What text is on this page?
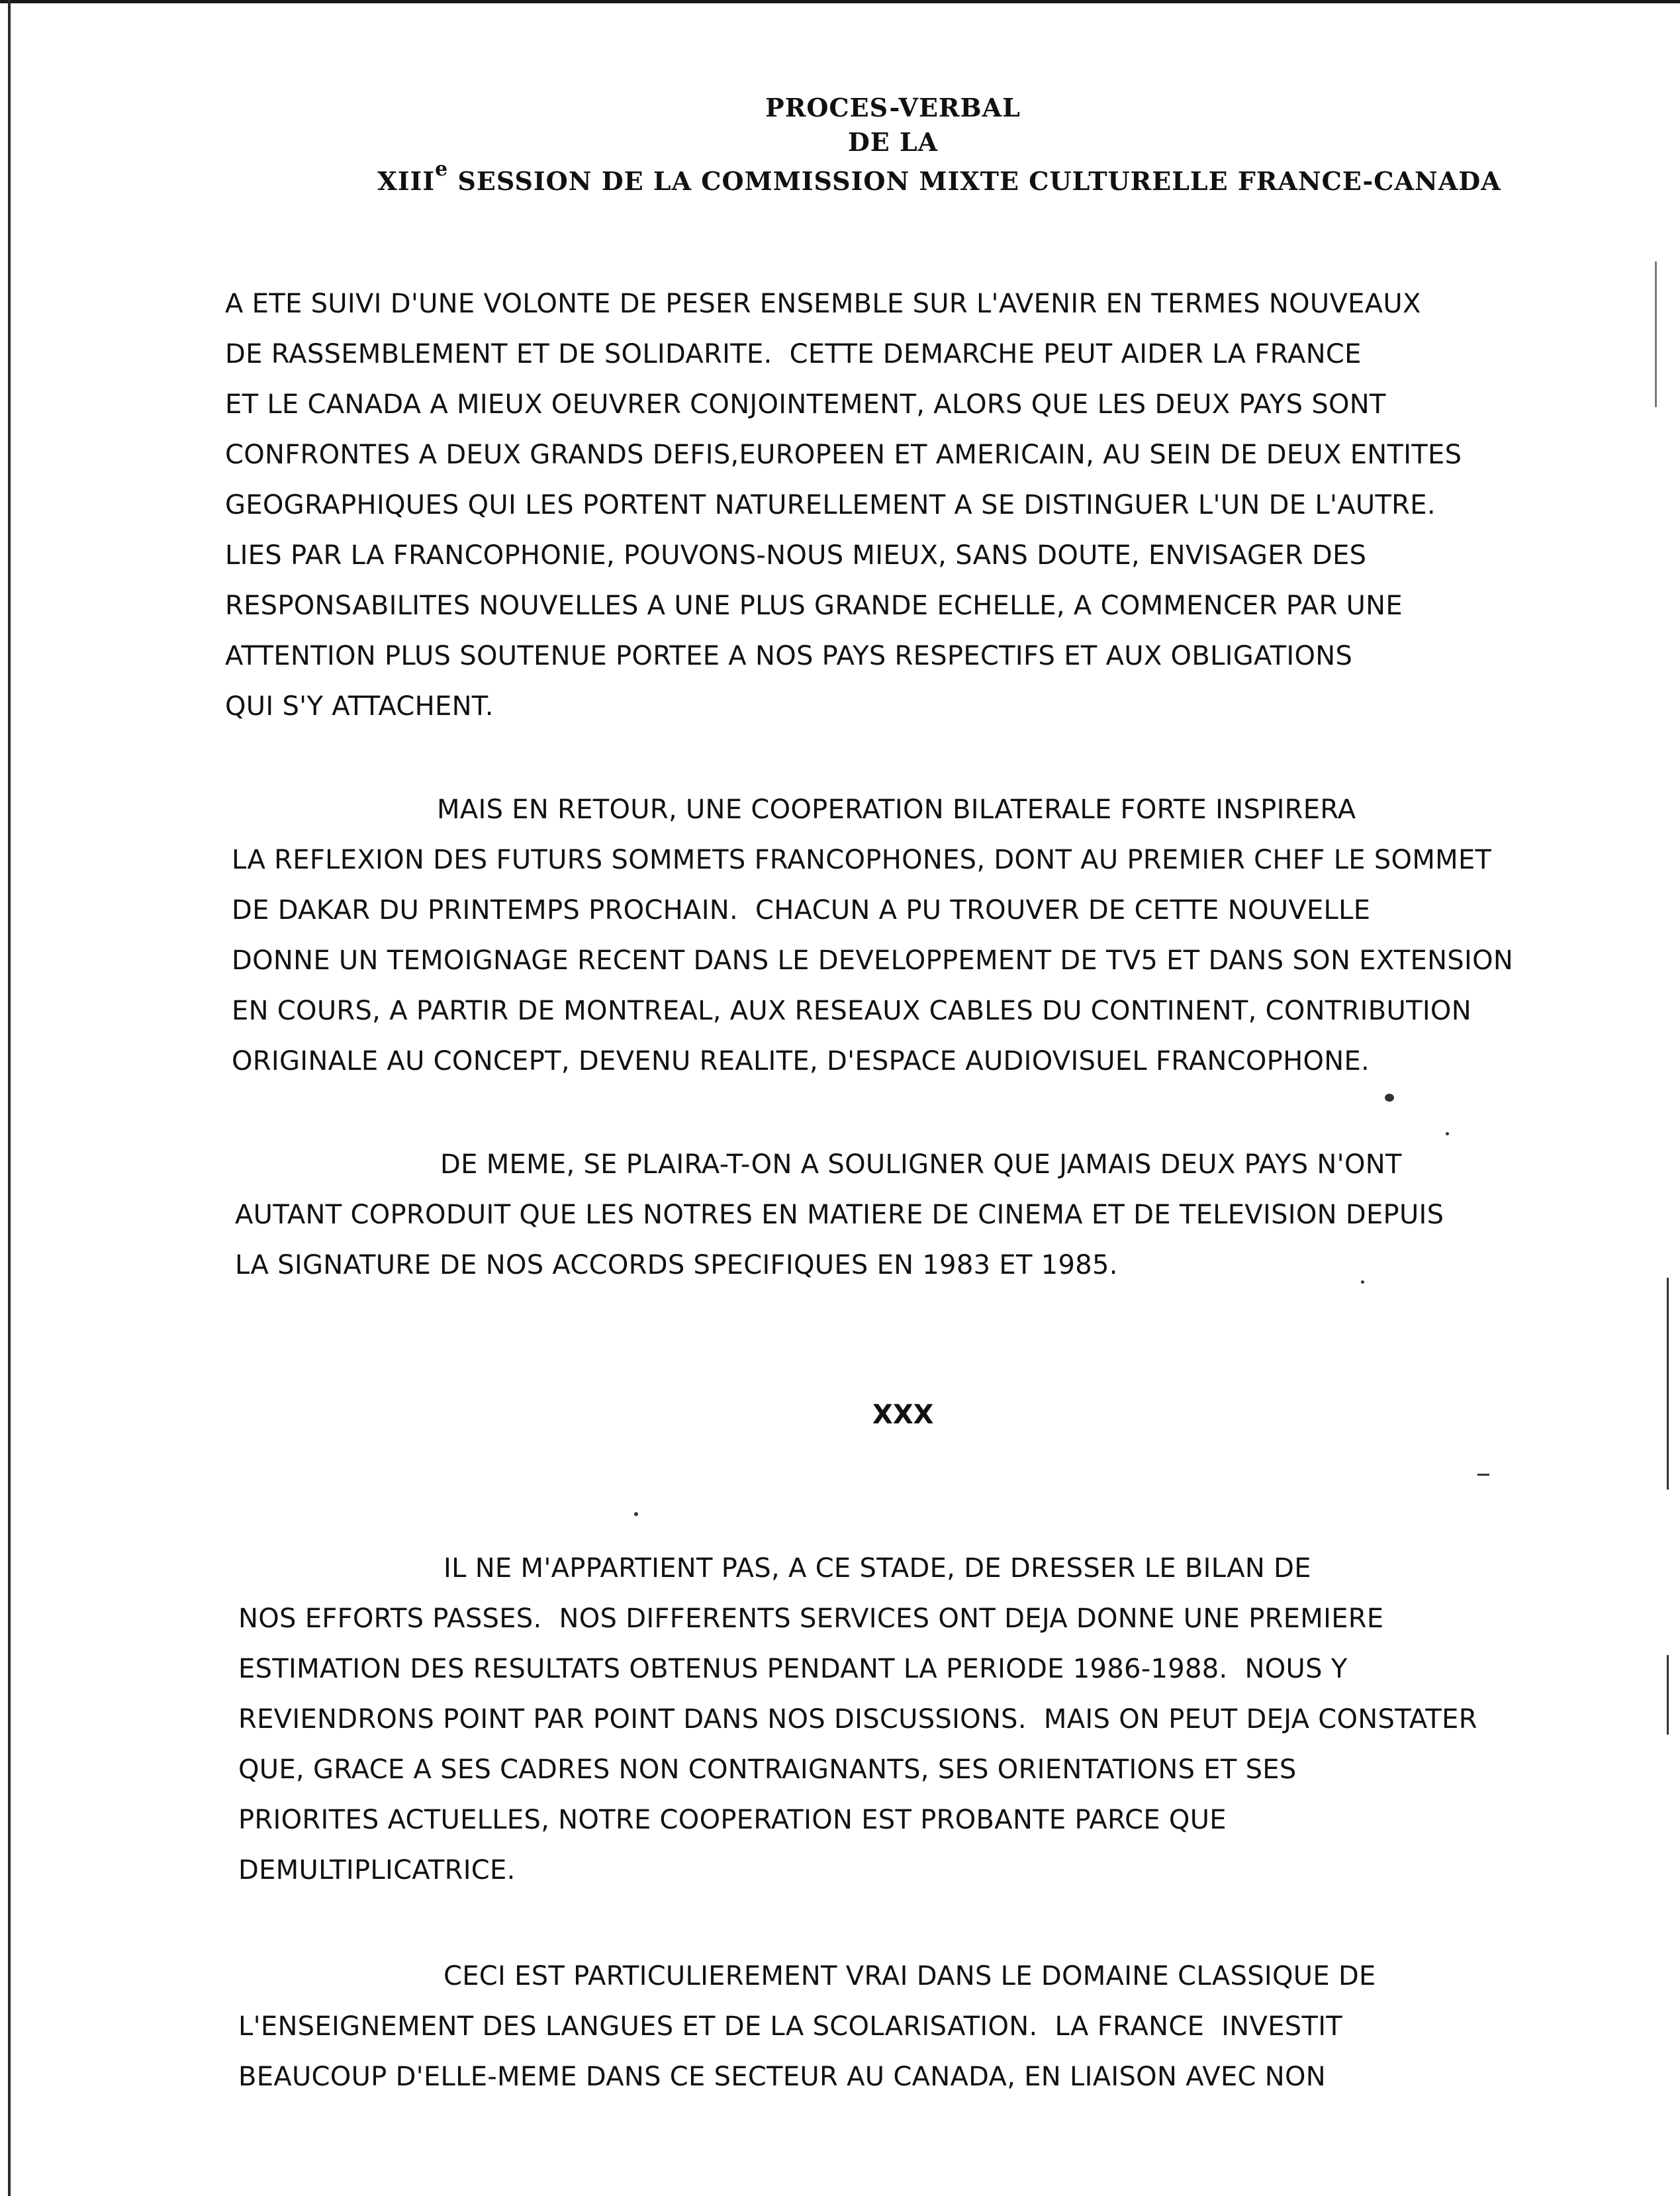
PROCES-VERBAL
DE LA
XIIIe SESSION DE LA COMMISSION MIXTE CULTURELLE FRANCE-CANADA
A ETE SUIVI D'UNE VOLONTE DE PESER ENSEMBLE SUR L'AVENIR EN TERMES NOUVEAUX
DE RASSEMBLEMENT ET DE SOLIDARITE.  CETTE DEMARCHE PEUT AIDER LA FRANCE
ET LE CANADA A MIEUX OEUVRER CONJOINTEMENT, ALORS QUE LES DEUX PAYS SONT
CONFRONTES A DEUX GRANDS DEFIS,EUROPEEN ET AMERICAIN, AU SEIN DE DEUX ENTITES
GEOGRAPHIQUES QUI LES PORTENT NATURELLEMENT A SE DISTINGUER L'UN DE L'AUTRE.
LIES PAR LA FRANCOPHONIE, POUVONS-NOUS MIEUX, SANS DOUTE, ENVISAGER DES
RESPONSABILITES NOUVELLES A UNE PLUS GRANDE ECHELLE, A COMMENCER PAR UNE
ATTENTION PLUS SOUTENUE PORTEE A NOS PAYS RESPECTIFS ET AUX OBLIGATIONS
QUI S'Y ATTACHENT.
MAIS EN RETOUR, UNE COOPERATION BILATERALE FORTE INSPIRERA
LA REFLEXION DES FUTURS SOMMETS FRANCOPHONES, DONT AU PREMIER CHEF LE SOMMET
DE DAKAR DU PRINTEMPS PROCHAIN.  CHACUN A PU TROUVER DE CETTE NOUVELLE
DONNE UN TEMOIGNAGE RECENT DANS LE DEVELOPPEMENT DE TV5 ET DANS SON EXTENSION
EN COURS, A PARTIR DE MONTREAL, AUX RESEAUX CABLES DU CONTINENT, CONTRIBUTION
ORIGINALE AU CONCEPT, DEVENU REALITE, D'ESPACE AUDIOVISUEL FRANCOPHONE.
DE MEME, SE PLAIRA-T-ON A SOULIGNER QUE JAMAIS DEUX PAYS N'ONT
AUTANT COPRODUIT QUE LES NOTRES EN MATIERE DE CINEMA ET DE TELEVISION DEPUIS
LA SIGNATURE DE NOS ACCORDS SPECIFIQUES EN 1983 ET 1985.
XXX
IL NE M'APPARTIENT PAS, A CE STADE, DE DRESSER LE BILAN DE
NOS EFFORTS PASSES.  NOS DIFFERENTS SERVICES ONT DEJA DONNE UNE PREMIERE
ESTIMATION DES RESULTATS OBTENUS PENDANT LA PERIODE 1986-1988.  NOUS Y
REVIENDRONS POINT PAR POINT DANS NOS DISCUSSIONS.  MAIS ON PEUT DEJA CONSTATER
QUE, GRACE A SES CADRES NON CONTRAIGNANTS, SES ORIENTATIONS ET SES
PRIORITES ACTUELLES, NOTRE COOPERATION EST PROBANTE PARCE QUE
DEMULTIPLICATRICE.
CECI EST PARTICULIEREMENT VRAI DANS LE DOMAINE CLASSIQUE DE
L'ENSEIGNEMENT DES LANGUES ET DE LA SCOLARISATION.  LA FRANCE  INVESTIT
BEAUCOUP D'ELLE-MEME DANS CE SECTEUR AU CANADA, EN LIAISON AVEC NON
